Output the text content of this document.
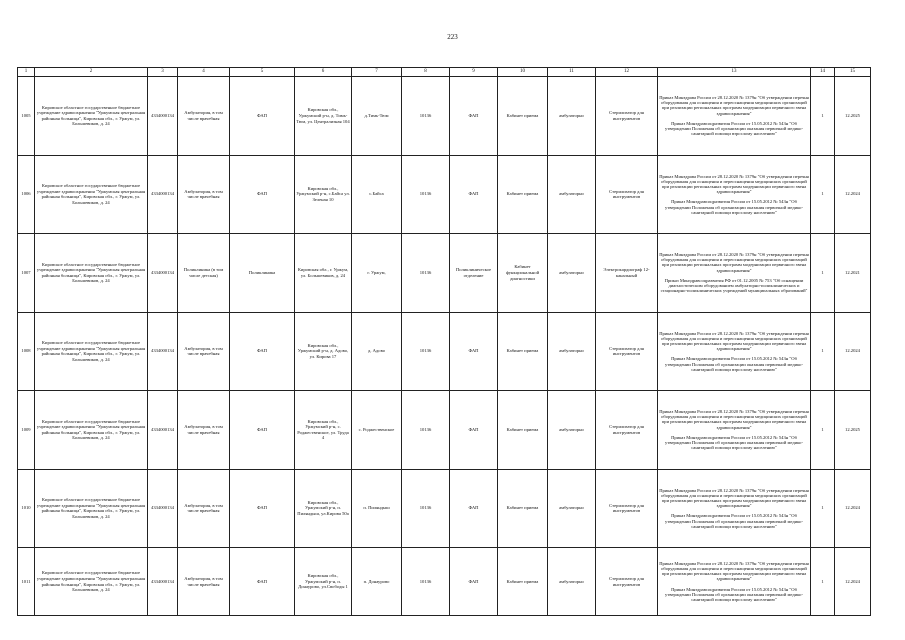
223
1	2	3	4	5	6	7	8	9	10	11	12	13	14	15
1005	Кировское областное государственное бюджетное учреждение здравоохранения "Уржумская центральная районная больница", Кировская обл., г. Уржум, ул. Большевиков, д. 24	4334000134	Амбулатория, в том числе врачебная	ФАП	Кировская обл., Уржумский р-н, д. Тимь-Тюм, ул. Централизная 104	д.Тимь-Тюм	10136	ФАП	Кабинет приема	амбулаторно	Стерилизатор для инструментов	Приказ Минздрава России от 28.12.2020 № 1379н "Об утверждении перечня оборудования для оснащения и переоснащения медицинских организаций при реализации региональных программ модернизации первичного звена здравоохранения"

Приказ Минздравсоцразвития России от 15.05.2012 № 543н "Об утверждении Положения об организации оказания первичной медико-санитарной помощи взрослому населению"	1	12.2025
1006	Кировское областное государственное бюджетное учреждение здравоохранения "Уржумская центральная районная больница", Кировская обл., г. Уржум, ул. Большевиков, д. 24	4334000134	Амбулатория, в том числе врачебная	ФАП	Кировская обл., Уржумский р-н, с.Байса ул. Зеленая 10	с.Байса	10136	ФАП	Кабинет приема	амбулаторно	Стерилизатор для инструментов	Приказ Минздрава России от 28.12.2020 № 1379н "Об утверждении перечня оборудования для оснащения и переоснащения медицинских организаций при реализации региональных программ модернизации первичного звена здравоохранения"

Приказ Минздравсоцразвития России от 15.05.2012 № 543н "Об утверждении Положения об организации оказания первичной медико-санитарной помощи взрослому населению"	1	12.2024
1007	Кировское областное государственное бюджетное учреждение здравоохранения "Уржумская центральная районная больница", Кировская обл., г. Уржум, ул. Большевиков, д. 24	4334000134	Поликлиника (в том числе детская)	Поликлиника	Кировская обл., г. Уржум, ул. Большевиков, д. 24	г. Уржум,	10136	Поликлиническое отделение	Кабинет функциональной диагностики	амбулаторно	Электрокардиограф 12-канальный	Приказ Минздрава России от 28.12.2020 № 1379н "Об утверждении перечня оборудования для оснащения и переоснащения медицинских организаций при реализации региональных программ модернизации первичного звена здравоохранения"

Приказ Минздравсоцразвития РФ от 01.12.2005 № 753 "Об оснащении диагностическим оборудованием амбулаторно-поликлинических и стационарно-поликлинических учреждений муниципальных образований"	1	12.2021
1008	Кировское областное государственное бюджетное учреждение здравоохранения "Уржумская центральная районная больница", Кировская обл., г. Уржум, ул. Большевиков, д. 24	4334000134	Амбулатория, в том числе врачебная	ФАП	Кировская обл., Уржумский р-н, д. Адово, ул. Кирова 17	д. Адово	10136	ФАП	Кабинет приема	амбулаторно	Стерилизатор для инструментов	Приказ Минздрава России от 28.12.2020 № 1379н "Об утверждении перечня оборудования для оснащения и переоснащения медицинских организаций при реализации региональных программ модернизации первичного звена здравоохранения"

Приказ Минздравсоцразвития России от 15.05.2012 № 543н "Об утверждении Положения об организации оказания первичной медико-санитарной помощи взрослому населению"	1	12.2024
1009	Кировское областное государственное бюджетное учреждение здравоохранения "Уржумская центральная районная больница", Кировская обл., г. Уржум, ул. Большевиков, д. 24	4334000134	Амбулатория, в том числе врачебная	ФАП	Кировская обл., Уржумский р-н, с. Роджественское, ул. Труда 4	с. Роджественское	10136	ФАП	Кабинет приема	амбулаторно	Стерилизатор для инструментов	Приказ Минздрава России от 28.12.2020 № 1379н "Об утверждении перечня оборудования для оснащения и переоснащения медицинских организаций при реализации региональных программ модернизации первичного звена здравоохранения"

Приказ Минздравсоцразвития России от 15.05.2012 № 543н "Об утверждении Положения об организации оказания первичной медико-санитарной помощи взрослому населению"	1	12.2025
1010	Кировское областное государственное бюджетное учреждение здравоохранения "Уржумская центральная районная больница", Кировская обл., г. Уржум, ул. Большевиков, д. 24	4334000134	Амбулатория, в том числе врачебная	ФАП	Кировская обл., Уржумский р-н, п. Пиляндыш, ул.Кирова 50а	п. Пиляндыш	10136	ФАП	Кабинет приема	амбулаторно	Стерилизатор для инструментов	Приказ Минздрава России от 28.12.2020 № 1379н "Об утверждении перечня оборудования для оснащения и переоснащения медицинских организаций при реализации региональных программ модернизации первичного звена здравоохранения"

Приказ Минздравсоцразвития России от 15.05.2012 № 543н "Об утверждении Положения об организации оказания первичной медико-санитарной помощи взрослому населению"	1	12.2024
1011	Кировское областное государственное бюджетное учреждение здравоохранения "Уржумская центральная районная больница", Кировская обл., г. Уржум, ул. Большевиков, д. 24	4334000134	Амбулатория, в том числе врачебная	ФАП	Кировская обл., Уржумский р-н, п. Донаурово, ул.Свободы 1	п. Донаурово	10136	ФАП	Кабинет приема	амбулаторно	Стерилизатор для инструментов	Приказ Минздрава России от 28.12.2020 № 1379н "Об утверждении перечня оборудования для оснащения и переоснащения медицинских организаций при реализации региональных программ модернизации первичного звена здравоохранения"

Приказ Минздравсоцразвития России от 15.05.2012 № 543н "Об утверждении Положения об организации оказания первичной медико-санитарной помощи взрослому населению"	1	12.2024
